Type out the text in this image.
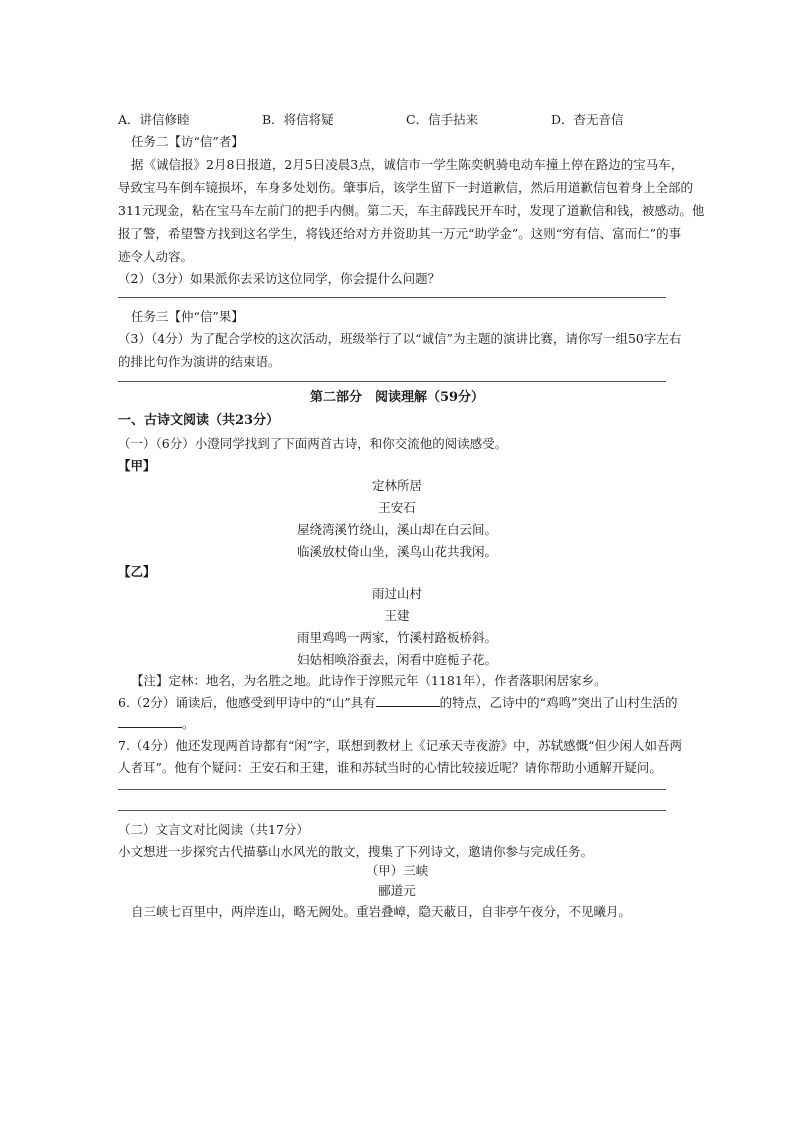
A．讲信修睦	B．将信将疑	C．信手拈来	D．杳无音信
任务二【访“信”者】
据《诚信报》2月8日报道，2月5日凌晨3点，诚信市一学生陈奕帆骑电动车撞上停在路边的宝马车，
导致宝马车倒车镜损坏，车身多处划伤。肇事后，该学生留下一封道歉信，然后用道歉信包着身上全部的
311元现金，粘在宝马车左前门的把手内侧。第二天，车主薛践民开车时，发现了道歉信和钱，被感动。他
报了警，希望警方找到这名学生，将钱还给对方并资助其一万元“助学金”。这则“穷有信、富而仁”的事
迹令人动容。
（2）（3分）如果派你去采访这位同学，你会提什么问题？
任务三【仲“信”果】
（3）（4分）为了配合学校的这次活动，班级举行了以“诚信”为主题的演讲比赛，请你写一组50字左右
的排比句作为演讲的结束语。
第二部分　阅读理解（59分）
一、古诗文阅读（共23分）
（一）（6分）小澄同学找到了下面两首古诗，和你交流他的阅读感受。
【甲】
定林所居
王安石
屋绕湾溪竹绕山，溪山却在白云间。
临溪放杖倚山坐，溪鸟山花共我闲。
【乙】
雨过山村
王建
雨里鸡鸣一两家，竹溪村路板桥斜。
妇姑相唤浴蚕去，闲看中庭栀子花。
【注】定林：地名，为名胜之地。此诗作于淳熙元年（1181年），作者落职闲居家乡。
6.（2分）诵读后，他感受到甲诗中的“山”具有	的特点，乙诗中的“鸡鸣”突出了山村生活的
。
7.（4分）他还发现两首诗都有“闲”字，联想到教材上《记承天寺夜游》中，苏轼感慨“但少闲人如吾两
人者耳”。他有个疑问：王安石和王建，谁和苏轼当时的心情比较接近呢？请你帮助小通解开疑问。
（二）文言文对比阅读（共17分）
小文想进一步探究古代描摹山水风光的散文，搜集了下列诗文，邀请你参与完成任务。
（甲）三峡
郦道元
自三峡七百里中，两岸连山，略无阙处。重岩叠嶂，隐天蔽日，自非亭午夜分，不见曦月。
